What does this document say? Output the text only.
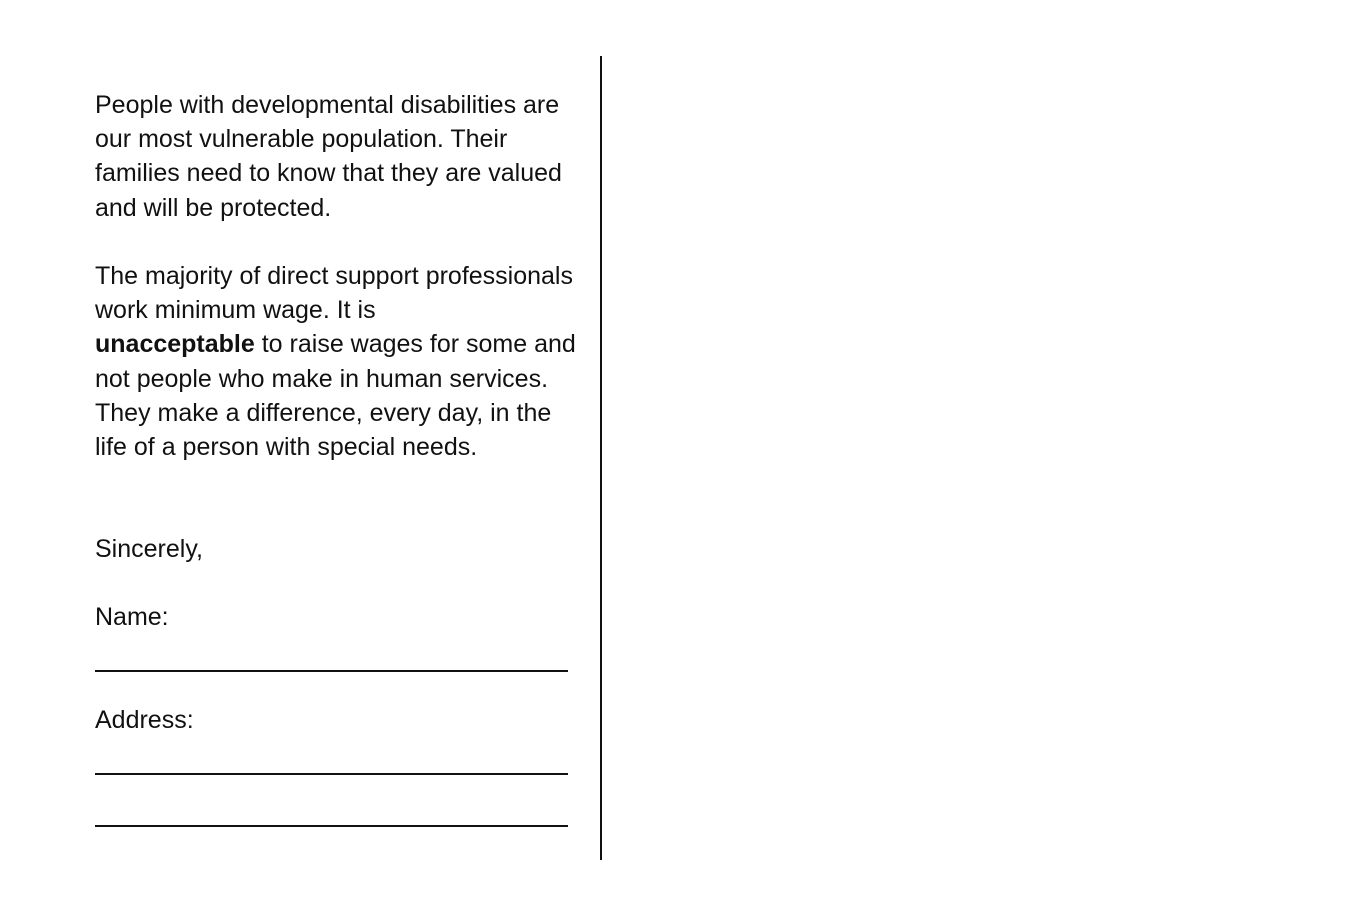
People with developmental disabilities are our most vulnerable population. Their families need to know that they are valued and will be protected.

The majority of direct support professionals work minimum wage. It is
unacceptable to raise wages for some and not people who make in human services. They make a difference, every day, in the life of a person with special needs.

Sincerely,
Name:
Address:
